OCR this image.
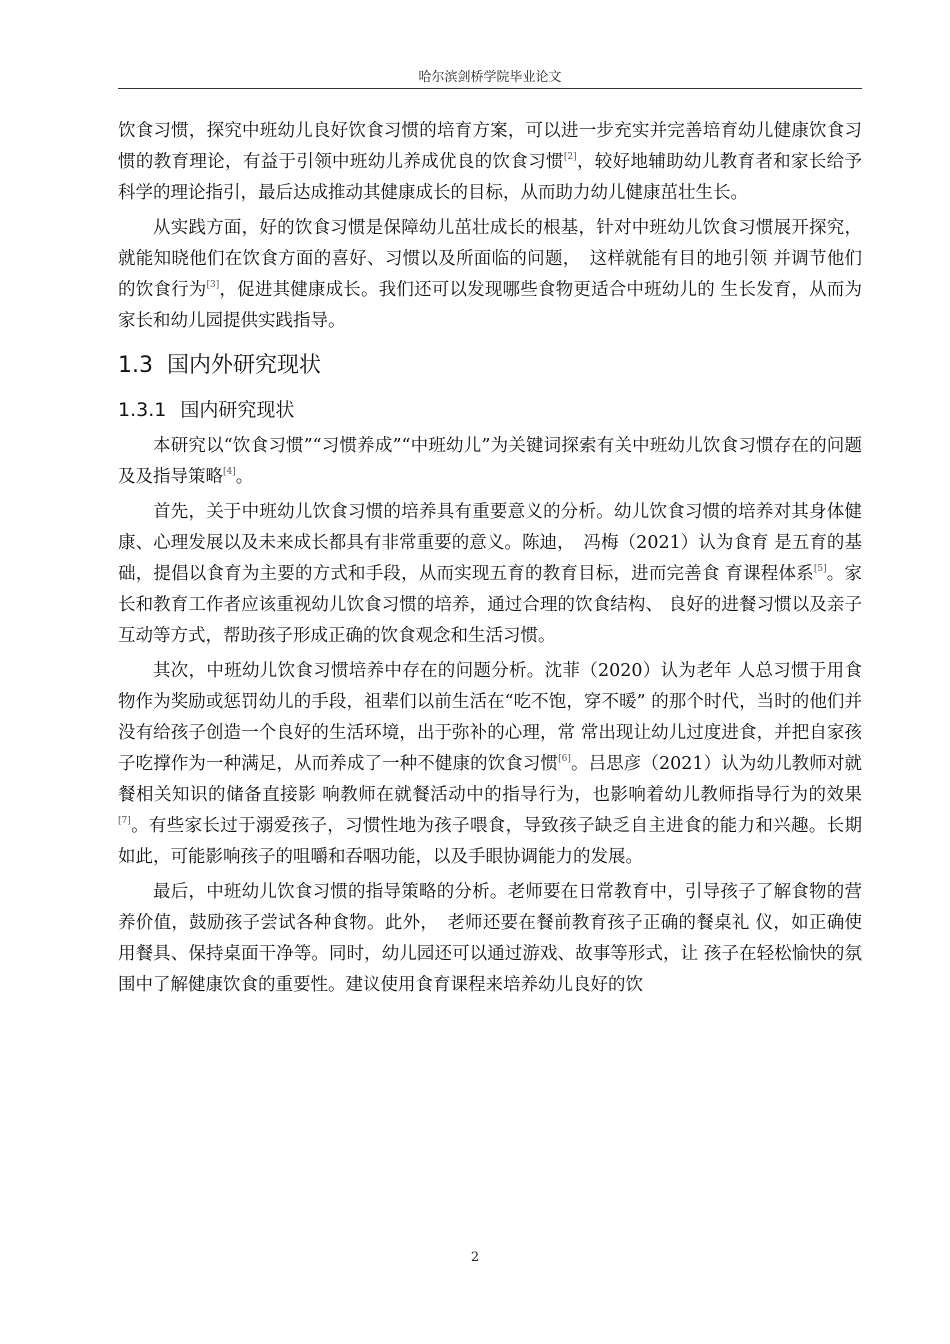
哈尔滨剑桥学院毕业论文

饮食习惯，探究中班幼儿良好饮食习惯的培育方案，可以进一步充实并完善培育幼儿健康饮食习惯的教育理论，有益于引领中班幼儿养成优良的饮食习惯[2]，较好地辅助幼儿教育者和家长给予科学的理论指引，最后达成推动其健康成长的目标，从而助力幼儿健康茁壮生长。

从实践方面，好的饮食习惯是保障幼儿茁壮成长的根基，针对中班幼儿饮食习惯展开探究，就能知晓他们在饮食方面的喜好、习惯以及所面临的问题，　这样就能有目的地引领 并调节他们的饮食行为[3]，促进其健康成长。我们还可以发现哪些食物更适合中班幼儿的 生长发育，从而为家长和幼儿园提供实践指导。

1.3 国内外研究现状
1.3.1 国内研究现状

本研究以“饮食习惯”“习惯养成”“中班幼儿”为关键词探索有关中班幼儿饮食习惯存在的问题及及指导策略[4]。

首先，关于中班幼儿饮食习惯的培养具有重要意义的分析。幼儿饮食习惯的培养对其身体健康、心理发展以及未来成长都具有非常重要的意义。陈迪，　冯梅（2021）认为食育 是五育的基础，提倡以食育为主要的方式和手段，从而实现五育的教育目标，进而完善食 育课程体系[5]。家长和教育工作者应该重视幼儿饮食习惯的培养，通过合理的饮食结构、 良好的进餐习惯以及亲子互动等方式，帮助孩子形成正确的饮食观念和生活习惯。

其次，中班幼儿饮食习惯培养中存在的问题分析。沈菲（2020）认为老年 人总习惯于用食物作为奖励或惩罚幼儿的手段，祖辈们以前生活在“吃不饱，穿不暖” 的那个时代，当时的他们并没有给孩子创造一个良好的生活环境，出于弥补的心理，常 常出现让幼儿过度进食，并把自家孩子吃撑作为一种满足，从而养成了一种不健康的饮食习惯[6]。吕思彦（2021）认为幼儿教师对就餐相关知识的储备直接影 响教师在就餐活动中的指导行为，也影响着幼儿教师指导行为的效果[7]。有些家长过于溺爱孩子，习惯性地为孩子喂食，导致孩子缺乏自主进食的能力和兴趣。长期如此，可能影响孩子的咀嚼和吞咽功能，以及手眼协调能力的发展。

最后，中班幼儿饮食习惯的指导策略的分析。老师要在日常教育中，引导孩子了解食物的营养价值，鼓励孩子尝试各种食物。此外，　老师还要在餐前教育孩子正确的餐桌礼 仪，如正确使用餐具、保持桌面干净等。同时，幼儿园还可以通过游戏、故事等形式，让 孩子在轻松愉快的氛围中了解健康饮食的重要性。建议使用食育课程来培养幼儿良好的饮

2
